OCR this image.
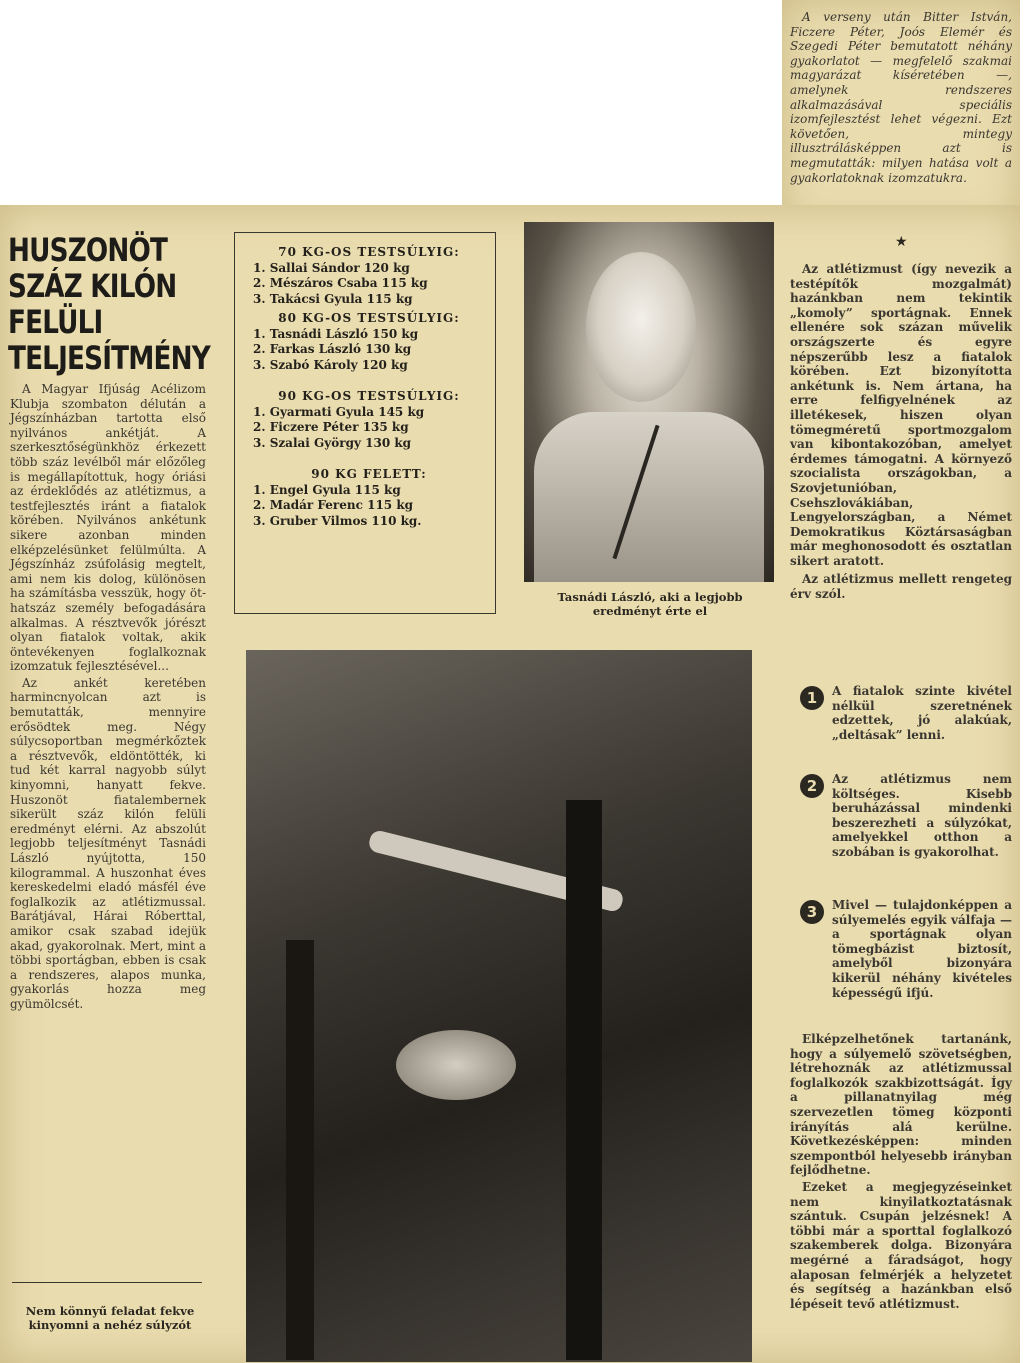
A verseny után Bitter István, Ficzere Péter, Joós Elemér és Szegedi Péter bemutatott néhány gyakorlatot — megfelelő szakmai magyarázat kíséretében —, amelynek rendszeres alkalmazásával speciális izomfejlesztést lehet végezni. Ezt követően, mintegy illusztrálásképpen azt is megmutatták: milyen hatása volt a gyakorlatoknak izomzatukra.

HUSZONÖT
SZÁZ KILÓN
FELÜLI
TELJESÍTMÉNY

A Magyar Ifjúság Acélizom Klubja szombaton délután a Jégszínházban tartotta első nyilvános ankétját. A szerkesztőségünkhöz érkezett több száz levélből már előzőleg is megállapítottuk, hogy óriási az érdeklődés az atlétizmus, a testfejlesztés iránt a fiatalok körében. Nyilvános ankétunk sikere azonban minden elképzelésünket felülmúlta. A Jégszínház zsúfolásig megtelt, ami nem kis dolog, különösen ha számításba vesszük, hogy öt-hatszáz személy befogadására alkalmas. A résztvevők jórészt olyan fiatalok voltak, akik öntevékenyen foglalkoznak izomzatuk fejlesztésével...

Az ankét keretében harmincnyolcan azt is bemutatták, mennyire erősödtek meg. Négy súlycsoportban megmérkőztek a résztvevők, eldöntötték, ki tud két karral nagyobb súlyt kinyomni, hanyatt fekve. Huszonöt fiatalembernek sikerült száz kilón felüli eredményt elérni. Az abszolút legjobb teljesítményt Tasnádi László nyújtotta, 150 kilogrammal. A huszonhat éves kereskedelmi eladó másfél éve foglalkozik az atlétizmussal. Barátjával, Hárai Róberttal, amikor csak szabad idejük akad, gyakorolnak. Mert, mint a többi sportágban, ebben is csak a rendszeres, alapos munka, gyakorlás hozza meg gyümölcsét.

Nem könnyű feladat fekve kinyomni a nehéz súlyzót
70 KG-OS TESTSÚLYIG:
1. Sallai Sándor 120 kg
2. Mészáros Csaba 115 kg
3. Takácsi Gyula 115 kg
80 KG-OS TESTSÚLYIG:
1. Tasnádi László 150 kg
2. Farkas László 130 kg
3. Szabó Károly 120 kg
90 KG-OS TESTSÚLYIG:
1. Gyarmati Gyula 145 kg
2. Ficzere Péter 135 kg
3. Szalai György 130 kg
90 KG FELETT:
1. Engel Gyula 115 kg
2. Madár Ferenc 115 kg
3. Gruber Vilmos 110 kg.
Tasnádi László, aki a legjobb eredményt érte el
★

Az atlétizmust (így nevezik a testépítők mozgalmát) hazánkban nem tekintik „komoly” sportágnak. Ennek ellenére sok százan művelik országszerte és egyre népszerűbb lesz a fiatalok körében. Ezt bizonyította ankétunk is. Nem ártana, ha erre felfigyelnének az illetékesek, hiszen olyan tömegméretű sportmozgalom van kibontakozóban, amelyet érdemes támogatni. A környező szocialista országokban, a Szovjetunióban, Csehszlovákiában, Lengyelországban, a Német Demokratikus Köztársaságban már meghonosodott és osztatlan sikert aratott.

Az atlétizmus mellett rengeteg érv szól.

1	A fiatalok szinte kivétel nélkül szeretnének edzettek, jó alakúak, „deltásak” lenni.
2	Az atlétizmus nem költséges. Kisebb beruházással mindenki beszerezheti a súlyzókat, amelyekkel otthon a szobában is gyakorolhat.
3	Mivel — tulajdonképpen a súlyemelés egyik válfaja — a sportágnak olyan tömegbázist biztosít, amelyből bizonyára kikerül néhány kivételes képességű ifjú.

Elképzelhetőnek tartanánk, hogy a súlyemelő szövetségben, létrehoznák az atlétizmussal foglalkozók szakbizottságát. Így a pillanatnyilag még szervezetlen tömeg központi irányítás alá kerülne. Következésképpen: minden szempontból helyesebb irányban fejlődhetne.

Ezeket a megjegyzéseinket nem kinyilatkoztatásnak szántuk. Csupán jelzésnek! A többi már a sporttal foglalkozó szakemberek dolga. Bizonyára megérné a fáradságot, hogy alaposan felmérjék a helyzetet és segítség a hazánkban első lépéseit tevő atlétizmust.
